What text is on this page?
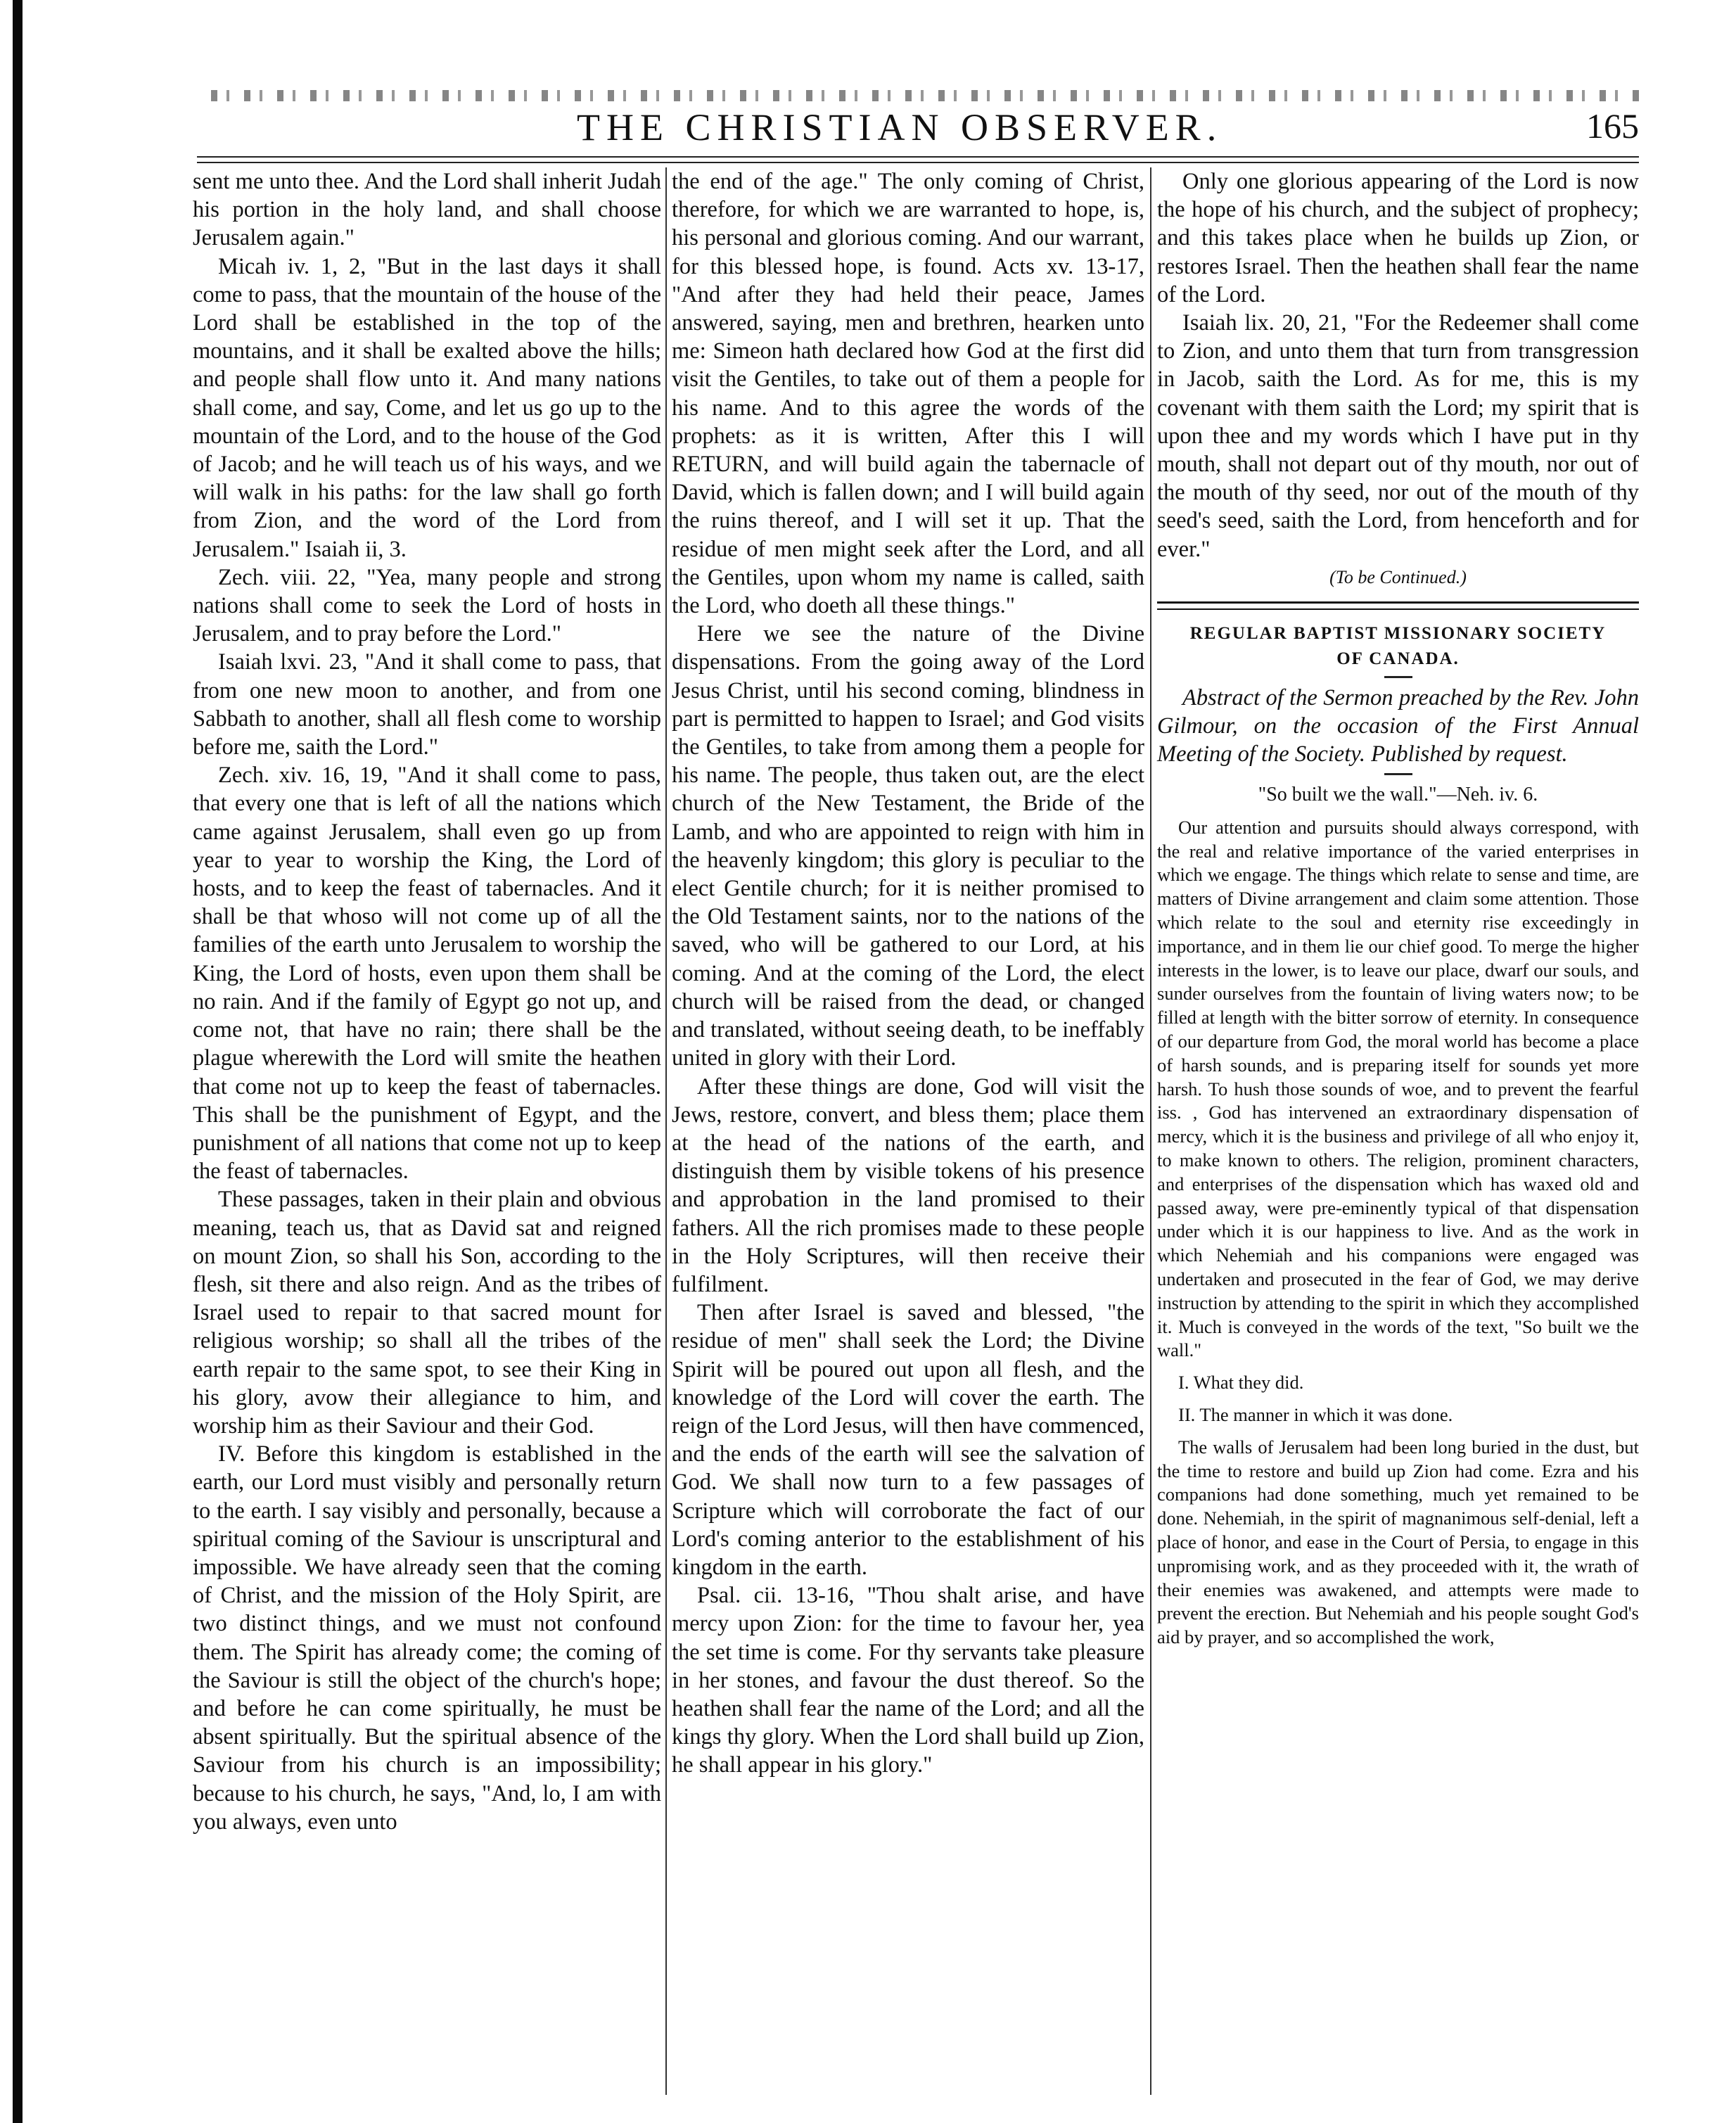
THE CHRISTIAN OBSERVER.	165

sent me unto thee. And the Lord shall inherit Judah his portion in the holy land, and shall choose Jerusalem again."

Micah iv. 1, 2, "But in the last days it shall come to pass, that the mountain of the house of the Lord shall be established in the top of the mountains, and it shall be exalted above the hills; and people shall flow unto it. And many nations shall come, and say, Come, and let us go up to the mountain of the Lord, and to the house of the God of Jacob; and he will teach us of his ways, and we will walk in his paths: for the law shall go forth from Zion, and the word of the Lord from Jerusalem." Isaiah ii, 3.

Zech. viii. 22, "Yea, many people and strong nations shall come to seek the Lord of hosts in Jerusalem, and to pray before the Lord."

Isaiah lxvi. 23, "And it shall come to pass, that from one new moon to another, and from one Sabbath to another, shall all flesh come to worship before me, saith the Lord."

Zech. xiv. 16, 19, "And it shall come to pass, that every one that is left of all the nations which came against Jerusalem, shall even go up from year to year to worship the King, the Lord of hosts, and to keep the feast of tabernacles. And it shall be that whoso will not come up of all the families of the earth unto Jerusalem to worship the King, the Lord of hosts, even upon them shall be no rain. And if the family of Egypt go not up, and come not, that have no rain; there shall be the plague wherewith the Lord will smite the heathen that come not up to keep the feast of tabernacles. This shall be the punishment of Egypt, and the punishment of all nations that come not up to keep the feast of tabernacles.

These passages, taken in their plain and obvious meaning, teach us, that as David sat and reigned on mount Zion, so shall his Son, according to the flesh, sit there and also reign. And as the tribes of Israel used to repair to that sacred mount for religious worship; so shall all the tribes of the earth repair to the same spot, to see their King in his glory, avow their allegiance to him, and worship him as their Saviour and their God.

IV. Before this kingdom is established in the earth, our Lord must visibly and personally return to the earth. I say visibly and personally, because a spiritual coming of the Saviour is unscriptural and impossible. We have already seen that the coming of Christ, and the mission of the Holy Spirit, are two distinct things, and we must not confound them. The Spirit has already come; the coming of the Saviour is still the object of the church's hope; and before he can come spiritually, he must be absent spiritually. But the spiritual absence of the Saviour from his church is an impossibility; because to his church, he says, "And, lo, I am with you always, even unto

the end of the age." The only coming of Christ, therefore, for which we are warranted to hope, is, his personal and glorious coming. And our warrant, for this blessed hope, is found. Acts xv. 13-17, "And after they had held their peace, James answered, saying, men and brethren, hearken unto me: Simeon hath declared how God at the first did visit the Gentiles, to take out of them a people for his name. And to this agree the words of the prophets: as it is written, After this I will RETURN, and will build again the tabernacle of David, which is fallen down; and I will build again the ruins thereof, and I will set it up. That the residue of men might seek after the Lord, and all the Gentiles, upon whom my name is called, saith the Lord, who doeth all these things."

Here we see the nature of the Divine dispensations. From the going away of the Lord Jesus Christ, until his second coming, blindness in part is permitted to happen to Israel; and God visits the Gentiles, to take from among them a people for his name. The people, thus taken out, are the elect church of the New Testament, the Bride of the Lamb, and who are appointed to reign with him in the heavenly kingdom; this glory is peculiar to the elect Gentile church; for it is neither promised to the Old Testament saints, nor to the nations of the saved, who will be gathered to our Lord, at his coming. And at the coming of the Lord, the elect church will be raised from the dead, or changed and translated, without seeing death, to be ineffably united in glory with their Lord.

After these things are done, God will visit the Jews, restore, convert, and bless them; place them at the head of the nations of the earth, and distinguish them by visible tokens of his presence and approbation in the land promised to their fathers. All the rich promises made to these people in the Holy Scriptures, will then receive their fulfilment.

Then after Israel is saved and blessed, "the residue of men" shall seek the Lord; the Divine Spirit will be poured out upon all flesh, and the knowledge of the Lord will cover the earth. The reign of the Lord Jesus, will then have commenced, and the ends of the earth will see the salvation of God. We shall now turn to a few passages of Scripture which will corroborate the fact of our Lord's coming anterior to the establishment of his kingdom in the earth.

Psal. cii. 13-16, "Thou shalt arise, and have mercy upon Zion: for the time to favour her, yea the set time is come. For thy servants take pleasure in her stones, and favour the dust thereof. So the heathen shall fear the name of the Lord; and all the kings thy glory. When the Lord shall build up Zion, he shall appear in his glory."

Only one glorious appearing of the Lord is now the hope of his church, and the subject of prophecy; and this takes place when he builds up Zion, or restores Israel. Then the heathen shall fear the name of the Lord.

Isaiah lix. 20, 21, "For the Redeemer shall come to Zion, and unto them that turn from transgression in Jacob, saith the Lord. As for me, this is my covenant with them saith the Lord; my spirit that is upon thee and my words which I have put in thy mouth, shall not depart out of thy mouth, nor out of the mouth of thy seed, nor out of the mouth of thy seed's seed, saith the Lord, from henceforth and for ever."

(To be Continued.)

REGULAR BAPTIST MISSIONARY SOCIETY
OF CANADA.

Abstract of the Sermon preached by the Rev. John Gilmour, on the occasion of the First Annual Meeting of the Society. Published by request.

"So built we the wall."—Neh. iv. 6.

Our attention and pursuits should always correspond, with the real and relative importance of the varied enterprises in which we engage. The things which relate to sense and time, are matters of Divine arrangement and claim some attention. Those which relate to the soul and eternity rise exceedingly in importance, and in them lie our chief good. To merge the higher interests in the lower, is to leave our place, dwarf our souls, and sunder ourselves from the fountain of living waters now; to be filled at length with the bitter sorrow of eternity. In consequence of our departure from God, the moral world has become a place of harsh sounds, and is preparing itself for sounds yet more harsh. To hush those sounds of woe, and to prevent the fearful iss. , God has intervened an extraordinary dispensation of mercy, which it is the business and privilege of all who enjoy it, to make known to others. The religion, prominent characters, and enterprises of the dispensation which has waxed old and passed away, were pre-eminently typical of that dispensation under which it is our happiness to live. And as the work in which Nehemiah and his companions were engaged was undertaken and prosecuted in the fear of God, we may derive instruction by attending to the spirit in which they accomplished it. Much is conveyed in the words of the text, "So built we the wall."

I. What they did.

II. The manner in which it was done.

The walls of Jerusalem had been long buried in the dust, but the time to restore and build up Zion had come. Ezra and his companions had done something, much yet remained to be done. Nehemiah, in the spirit of magnanimous self-denial, left a place of honor, and ease in the Court of Persia, to engage in this unpromising work, and as they proceeded with it, the wrath of their enemies was awakened, and attempts were made to prevent the erection. But Nehemiah and his people sought God's aid by prayer, and so accomplished the work,
